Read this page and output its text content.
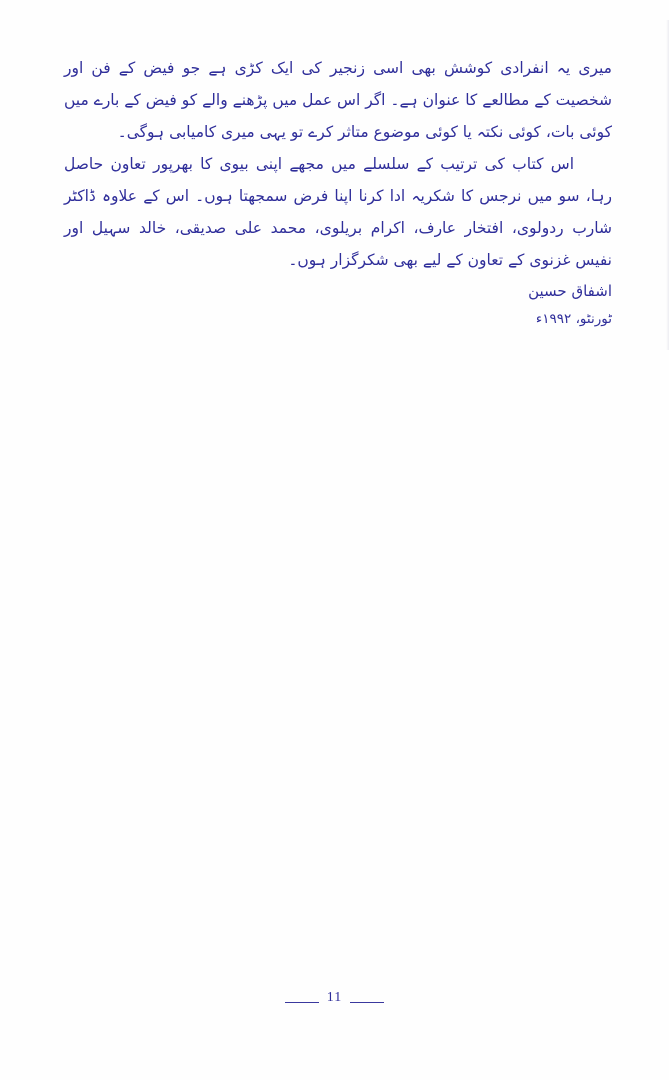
میری یہ انفرادی کوشش بھی اسی زنجیر کی ایک کڑی ہے جو فیض کے فن اور شخصیت کے مطالعے کا عنوان ہے۔ اگر اس عمل میں پڑھنے والے کو فیض کے بارے میں کوئی بات، کوئی نکتہ یا کوئی موضوع متاثر کرے تو یہی میری کامیابی ہوگی۔

اس کتاب کی ترتیب کے سلسلے میں مجھے اپنی بیوی کا بھرپور تعاون حاصل رہا، سو میں نرجس کا شکریہ ادا کرنا اپنا فرض سمجھتا ہوں۔ اس کے علاوہ ڈاکٹر شارب ردولوی، افتخار عارف، اکرام بریلوی، محمد علی صدیقی، خالد سہیل اور نفیس غزنوی کے تعاون کے لیے بھی شکرگزار ہوں۔

اشفاق حسین

ٹورنٹو، ۱۹۹۲ء

11
